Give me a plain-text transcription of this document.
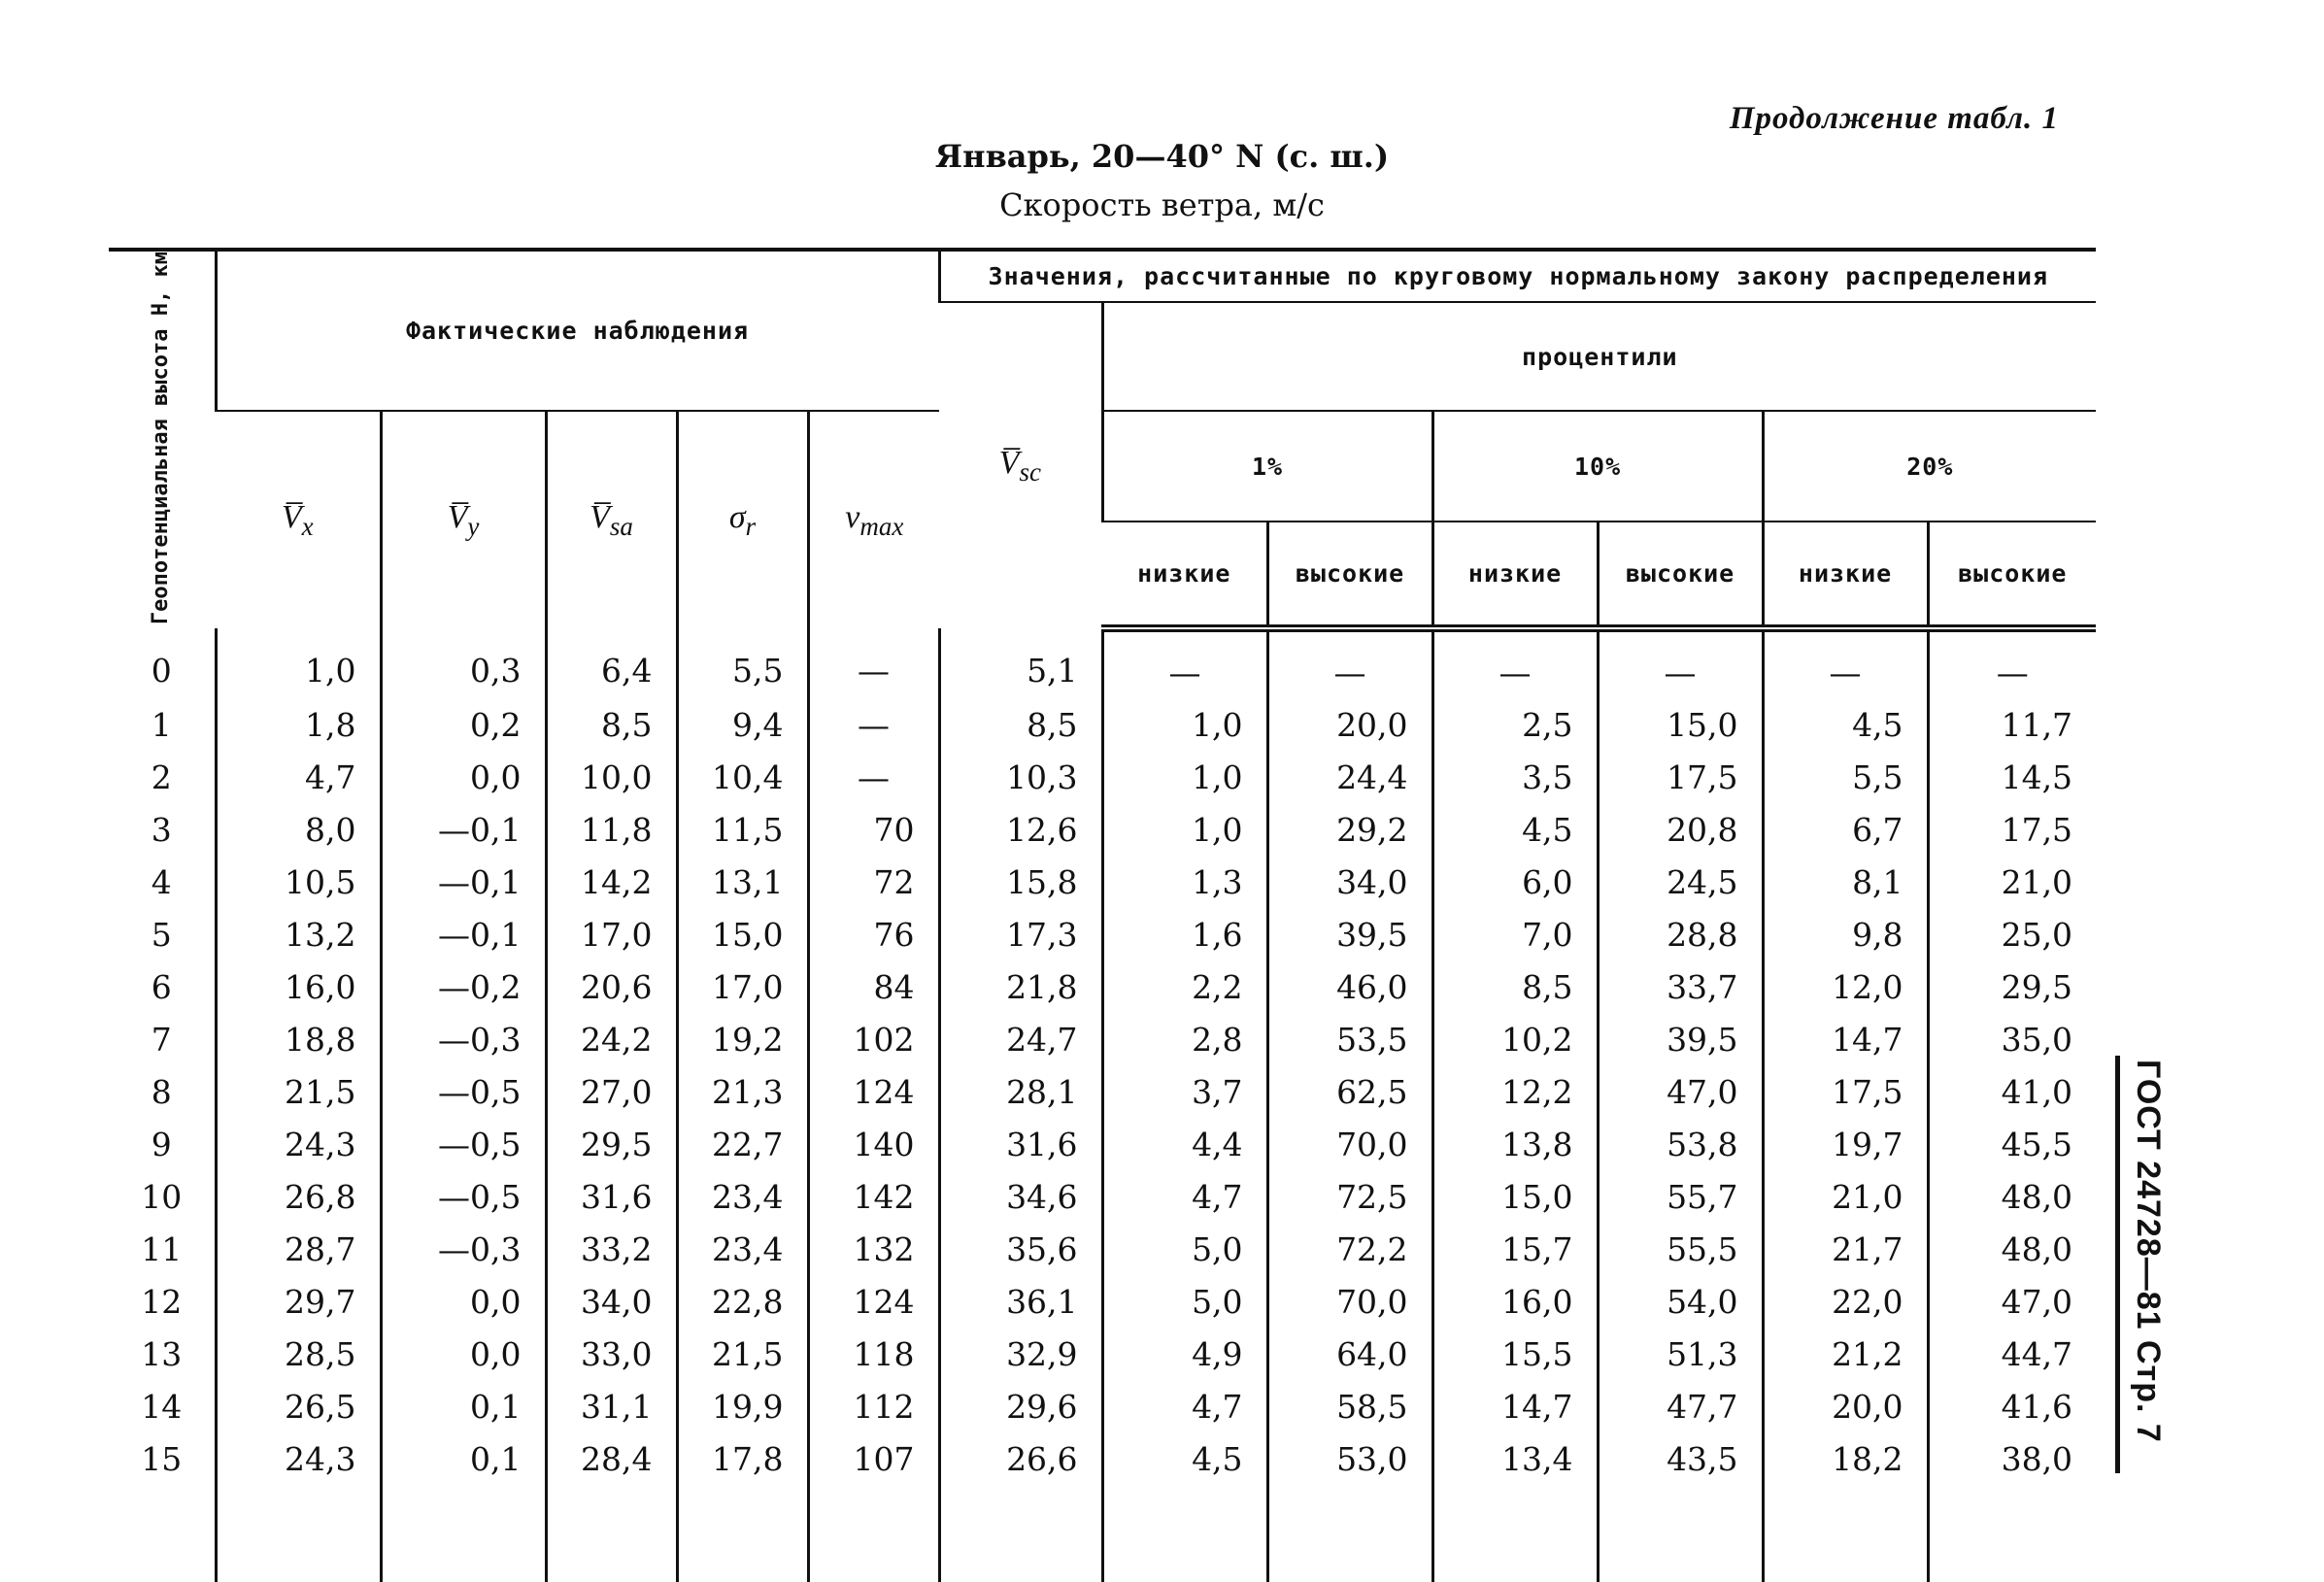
Продолжение табл. 1
Январь, 20—40° N (с. ш.)
Скорость ветра, м/с
Геопотенциальная высота H, км	Фактические наблюдения					Значения, рассчитанные по круговому нормальному закону распределения						
						$V̅_{sc}$	процентили					
	$V̅_x$	$V̅_y$	$V̅_{sa}$	$\sigma_r$	$v_{max}$		1%		10%		20%	
							низкие	высокие	низкие	высокие	низкие	высокие
0	1,0	0,3	6,4	5,5	—	5,1	—	—	—	—	—	—
1	1,8	0,2	8,5	9,4	—	8,5	1,0	20,0	2,5	15,0	4,5	11,7
2	4,7	0,0	10,0	10,4	—	10,3	1,0	24,4	3,5	17,5	5,5	14,5
3	8,0	—0,1	11,8	11,5	70	12,6	1,0	29,2	4,5	20,8	6,7	17,5
4	10,5	—0,1	14,2	13,1	72	15,8	1,3	34,0	6,0	24,5	8,1	21,0
5	13,2	—0,1	17,0	15,0	76	17,3	1,6	39,5	7,0	28,8	9,8	25,0
6	16,0	—0,2	20,6	17,0	84	21,8	2,2	46,0	8,5	33,7	12,0	29,5
7	18,8	—0,3	24,2	19,2	102	24,7	2,8	53,5	10,2	39,5	14,7	35,0
8	21,5	—0,5	27,0	21,3	124	28,1	3,7	62,5	12,2	47,0	17,5	41,0
9	24,3	—0,5	29,5	22,7	140	31,6	4,4	70,0	13,8	53,8	19,7	45,5
10	26,8	—0,5	31,6	23,4	142	34,6	4,7	72,5	15,0	55,7	21,0	48,0
11	28,7	—0,3	33,2	23,4	132	35,6	5,0	72,2	15,7	55,5	21,7	48,0
12	29,7	0,0	34,0	22,8	124	36,1	5,0	70,0	16,0	54,0	22,0	47,0
13	28,5	0,0	33,0	21,5	118	32,9	4,9	64,0	15,5	51,3	21,2	44,7
14	26,5	0,1	31,1	19,9	112	29,6	4,7	58,5	14,7	47,7	20,0	41,6
15	24,3	0,1	28,4	17,8	107	26,6	4,5	53,0	13,4	43,5	18,2	38,0

ГОСТ 24728—81 Стр. 7
